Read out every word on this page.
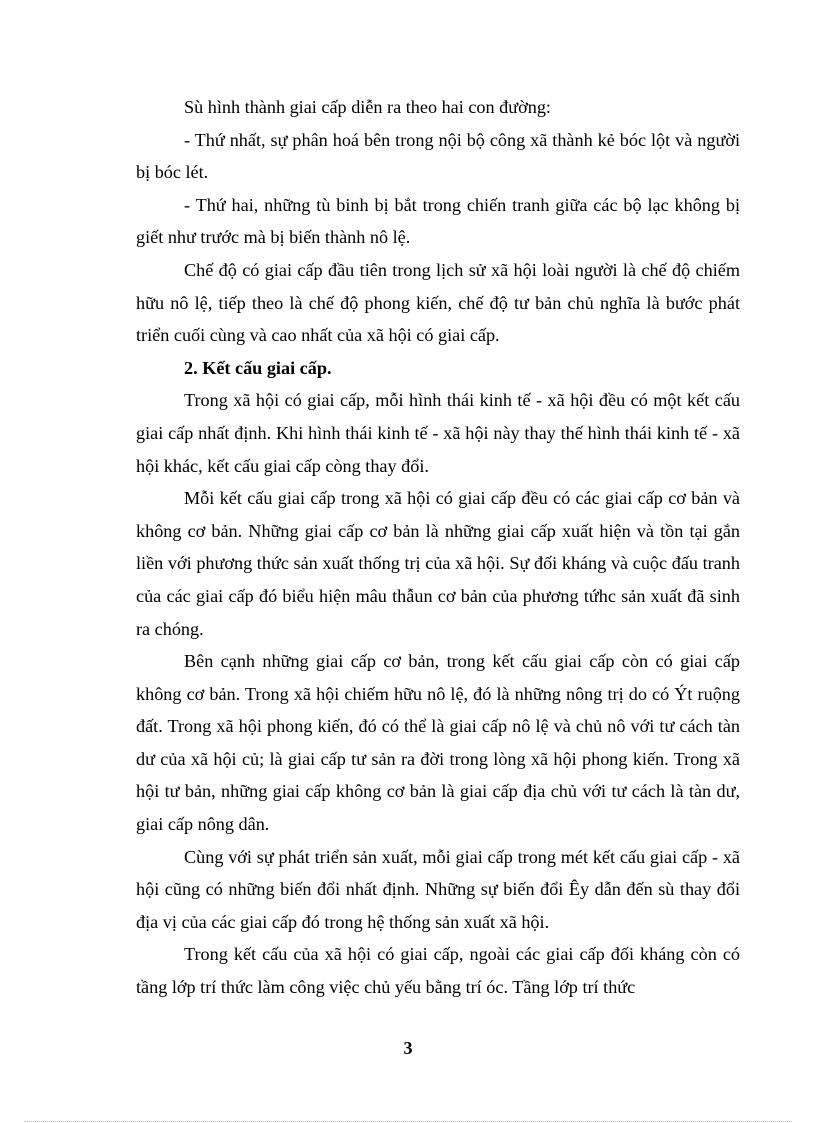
Sù hình thành giai cấp diễn ra theo hai con đường:

- Thứ nhất, sự phân hoá bên trong nội bộ công xã thành kẻ bóc lột và người bị bóc lét.

- Thứ hai, những tù binh bị bắt trong chiến tranh giữa các bộ lạc không bị giết như trước mà bị biến thành nô lệ.

Chế độ có giai cấp đầu tiên trong lịch sử xã hội loài người là chế độ chiếm hữu nô lệ, tiếp theo là chế độ phong kiến, chế độ tư bản chủ nghĩa là bước phát triển cuối cùng và cao nhất của xã hội có giai cấp.

2. Kết cấu giai cấp.

Trong xã hội có giai cấp, mỗi hình thái kinh tế - xã hội đều có một kết cấu giai cấp nhất định. Khi hình thái kinh tế - xã hội này thay thế hình thái kinh tế - xã hội khác, kết cấu giai cấp còng thay đổi.

Mỗi kết cấu giai cấp trong xã hội có giai cấp đều có các giai cấp cơ bản và không cơ bản. Những giai cấp cơ bản là những giai cấp xuất hiện và tồn tại gắn liền với phương thức sản xuất thống trị của xã hội. Sự đối kháng và cuộc đấu tranh của các giai cấp đó biểu hiện mâu thẫun cơ bản của phương tứhc sản xuất đã sinh ra chóng.

Bên cạnh những giai cấp cơ bản, trong kết cấu giai cấp còn có giai cấp không cơ bản. Trong xã hội chiếm hữu nô lệ, đó là những nông trị do có Ýt ruộng đất. Trong xã hội phong kiến, đó có thể là giai cấp nô lệ và chủ nô với tư cách tàn dư của xã hội củ; là giai cấp tư sản ra đời trong lòng xã hội phong kiến. Trong xã hội tư bản, những giai cấp không cơ bản là giai cấp địa chủ với tư cách là tàn dư, giai cấp nông dân.

Cùng với sự phát triển sản xuất, mỗi giai cấp trong mét kết cấu giai cấp - xã hội cũng có những biến đổi nhất định. Những sự biến đổi Êy dẫn đến sù thay đổi địa vị của các giai cấp đó trong hệ thống sản xuất xã hội.

Trong kết cấu của xã hội có giai cấp, ngoài các giai cấp đối kháng còn có tầng lớp trí thức làm công việc chủ yếu bằng trí óc. Tầng lớp trí thức

3
